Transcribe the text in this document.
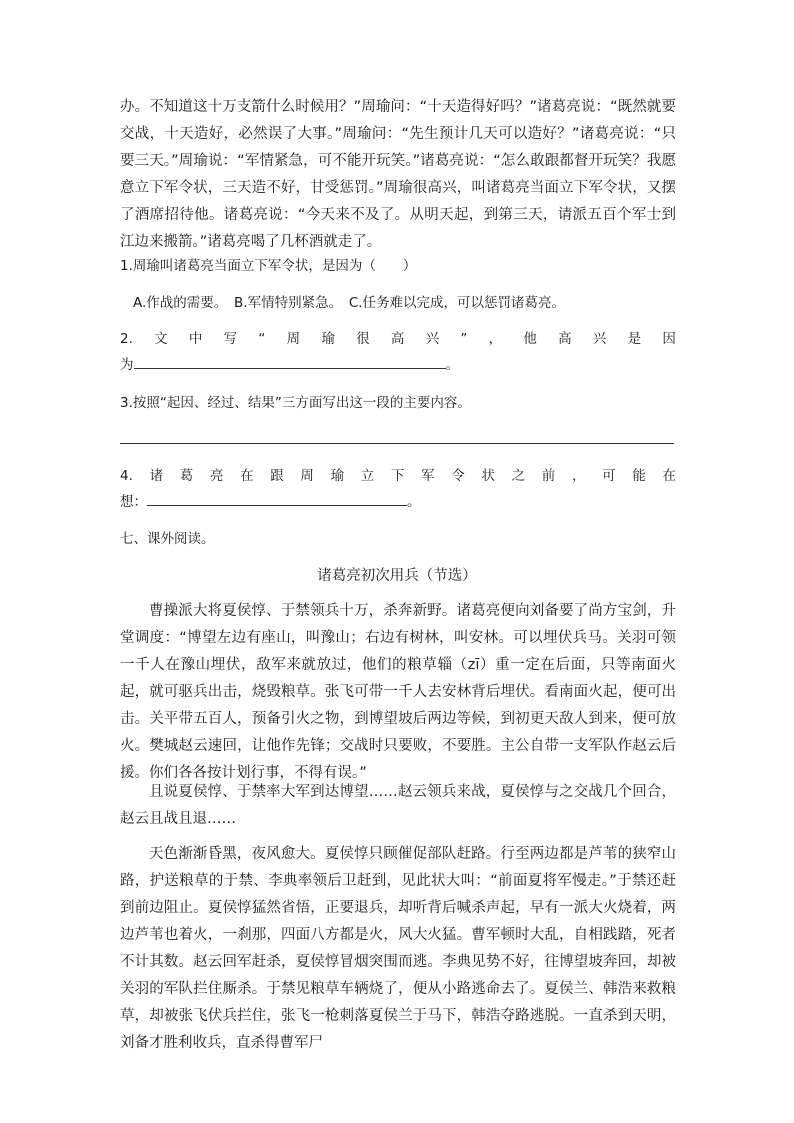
办。不知道这十万支箭什么时候用？”周瑜问：“十天造得好吗？”诸葛亮说：“既然就要交战，十天造好，必然误了大事。”周瑜问：“先生预计几天可以造好？”诸葛亮说：“只要三天。”周瑜说：“军情紧急，可不能开玩笑。”诸葛亮说：“怎么敢跟都督开玩笑？我愿意立下军令状，三天造不好，甘受惩罚。”周瑜很高兴，叫诸葛亮当面立下军令状，又摆了酒席招待他。诸葛亮说：“今天来不及了。从明天起，到第三天，请派五百个军士到江边来搬箭。”诸葛亮喝了几杯酒就走了。

1.周瑜叫诸葛亮当面立下军令状，是因为（　　）

A.作战的需要。　B.军情特别紧急。　C.任务难以完成，可以惩罚诸葛亮。

2. 文 中 写 “ 周 瑜 很 高 兴 ” ， 他 高 兴 是 因
为	。

3.按照“起因、经过、结果”三方面写出这一段的主要内容。

4. 诸 葛 亮 在 跟 周 瑜 立 下 军 令 状 之 前 ， 可 能 在
想：	。

七、课外阅读。

诸葛亮初次用兵（节选）

曹操派大将夏侯惇、于禁领兵十万，杀奔新野。诸葛亮便向刘备要了尚方宝剑，升堂调度：“博望左边有座山，叫豫山；右边有树林，叫安林。可以埋伏兵马。关羽可领一千人在豫山埋伏，敌军来就放过，他们的粮草辎（zī）重一定在后面，只等南面火起，就可驱兵出击，烧毁粮草。张飞可带一千人去安林背后埋伏。看南面火起，便可出击。关平带五百人，预备引火之物，到博望坡后两边等候，到初更天敌人到来，便可放火。樊城赵云速回，让他作先锋；交战时只要败，不要胜。主公自带一支军队作赵云后援。你们各各按计划行事，不得有误。”

且说夏侯惇、于禁率大军到达博望……赵云领兵来战，夏侯惇与之交战几个回合，赵云且战且退……

天色渐渐昏黑，夜风愈大。夏侯惇只顾催促部队赶路。行至两边都是芦苇的狭窄山路，护送粮草的于禁、李典率领后卫赶到，见此状大叫：“前面夏将军慢走。”于禁还赶到前边阻止。夏侯惇猛然省悟，正要退兵，却听背后喊杀声起，早有一派大火烧着，两边芦苇也着火，一刹那，四面八方都是火，风大火猛。曹军顿时大乱，自相践踏，死者不计其数。赵云回军赶杀，夏侯惇冒烟突围而逃。李典见势不好，往博望坡奔回，却被关羽的军队拦住厮杀。于禁见粮草车辆烧了，便从小路逃命去了。夏侯兰、韩浩来救粮草，却被张飞伏兵拦住，张飞一枪刺落夏侯兰于马下，韩浩夺路逃脱。一直杀到天明，刘备才胜利收兵，直杀得曹军尸
